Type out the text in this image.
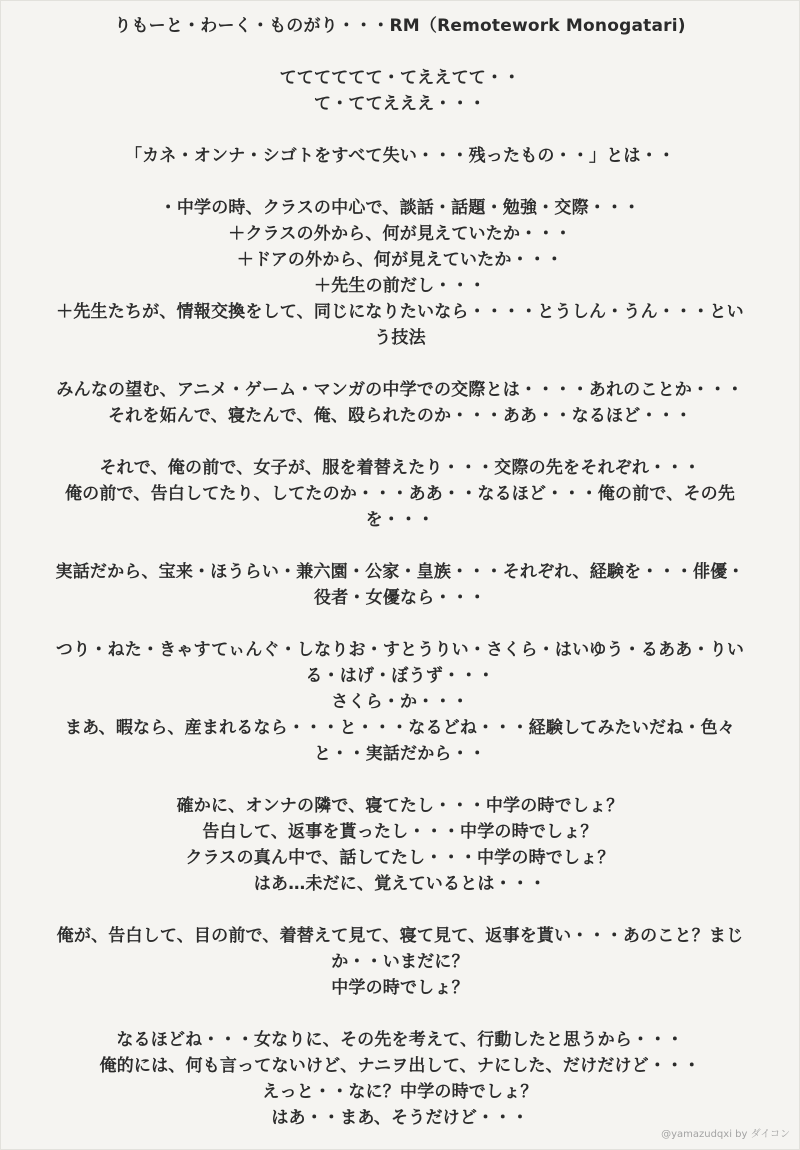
りもーと・わーく・ものがり・・・RM（Remotework Monogatari)
てててててて・てええてて・・
て・ててえええ・・・
「カネ・オンナ・シゴトをすべて失い・・・残ったもの・・」とは・・
・中学の時、クラスの中心で、談話・話題・勉強・交際・・・
＋クラスの外から、何が見えていたか・・・
＋ドアの外から、何が見えていたか・・・
＋先生の前だし・・・
＋先生たちが、情報交換をして、同じになりたいなら・・・・とうしん・うん・・・とい
う技法
みんなの望む、アニメ・ゲーム・マンガの中学での交際とは・・・・あれのことか・・・
それを妬んで、寝たんで、俺、殴られたのか・・・ああ・・なるほど・・・
それで、俺の前で、女子が、服を着替えたり・・・交際の先をそれぞれ・・・
俺の前で、告白してたり、してたのか・・・ああ・・なるほど・・・俺の前で、その先
を・・・
実話だから、宝来・ほうらい・兼六園・公家・皇族・・・それぞれ、経験を・・・俳優・
役者・女優なら・・・
つり・ねた・きゃすてぃんぐ・しなりお・すとうりい・さくら・はいゆう・るああ・りい
る・はげ・ぼうず・・・
さくら・か・・・
まあ、暇なら、産まれるなら・・・と・・・なるどね・・・経験してみたいだね・色々
と・・実話だから・・
確かに、オンナの隣で、寝てたし・・・中学の時でしょ？
告白して、返事を貰ったし・・・中学の時でしょ？
クラスの真ん中で、話してたし・・・中学の時でしょ？
はあ…未だに、覚えているとは・・・
俺が、告白して、目の前で、着替えて見て、寝て見て、返事を貰い・・・あのこと？まじ
か・・いまだに？
中学の時でしょ？
なるほどね・・・女なりに、その先を考えて、行動したと思うから・・・
俺的には、何も言ってないけど、ナニヲ出して、ナにした、だけだけど・・・
えっと・・なに？中学の時でしょ？
はあ・・まあ、そうだけど・・・
@yamazudqxi by ダイコン
